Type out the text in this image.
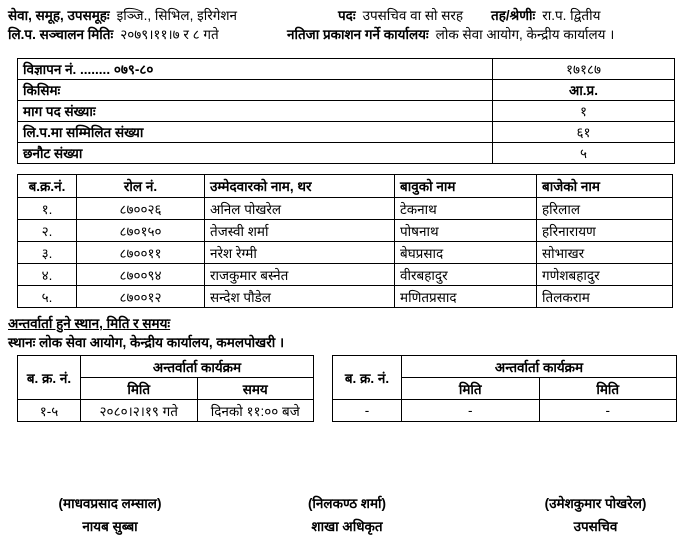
सेवा, समूह, उपसमूहः इञ्जि., सिभिल, इरिगेशन	पदः उपसचिव वा सो सरह तह/श्रेणीः रा.प. द्वितीय
लि.प. सञ्चालन मितिः २०७९।११।७ र ८ गते	नतिजा प्रकाशन गर्ने कार्यालयः लोक सेवा आयोग, केन्द्रीय कार्यालय ।
विज्ञापन नं. ........ ०७९-८०	१७१८७
किसिमः	आ.प्र.
माग पद संख्याः	१
लि.प.मा सम्मिलित संख्या	६१
छनौट संख्या	५
ब.क्र.नं.	रोल नं.	उम्मेदवारको नाम, थर	बावुको नाम	बाजेको नाम
१.	८७००२६	अनिल पोखरेल	टेकनाथ	हरिलाल
२.	८७०१५०	तेजस्वी शर्मा	पोषनाथ	हरिनारायण
३.	८७००११	नरेश रेग्मी	बेघप्रसाद	सोभाखर
४.	८७००९४	राजकुमार बस्नेत	वीरबहादुर	गणेशबहादुर
५.	८७००१२	सन्देश पौडेल	मणितप्रसाद	तिलकराम
अन्तर्वार्ता हुने स्थान, मिति र समयः
स्थानः लोक सेवा आयोग, केन्द्रीय कार्यालय, कमलपोखरी ।
ब. क्र. नं.	अन्तर्वार्ता कार्यक्रम	
	मिति	समय
१-५	२०८०।२।१९ गते	दिनको ११:०० बजे
ब. क्र. नं.	अन्तर्वार्ता कार्यक्रम	
	मिति	मिति
-	-	-
(माधवप्रसाद लम्साल)
नायब सुब्बा
(निलकण्ठ शर्मा)
शाखा अधिकृत
(उमेशकुमार पोखरेल)
उपसचिव
